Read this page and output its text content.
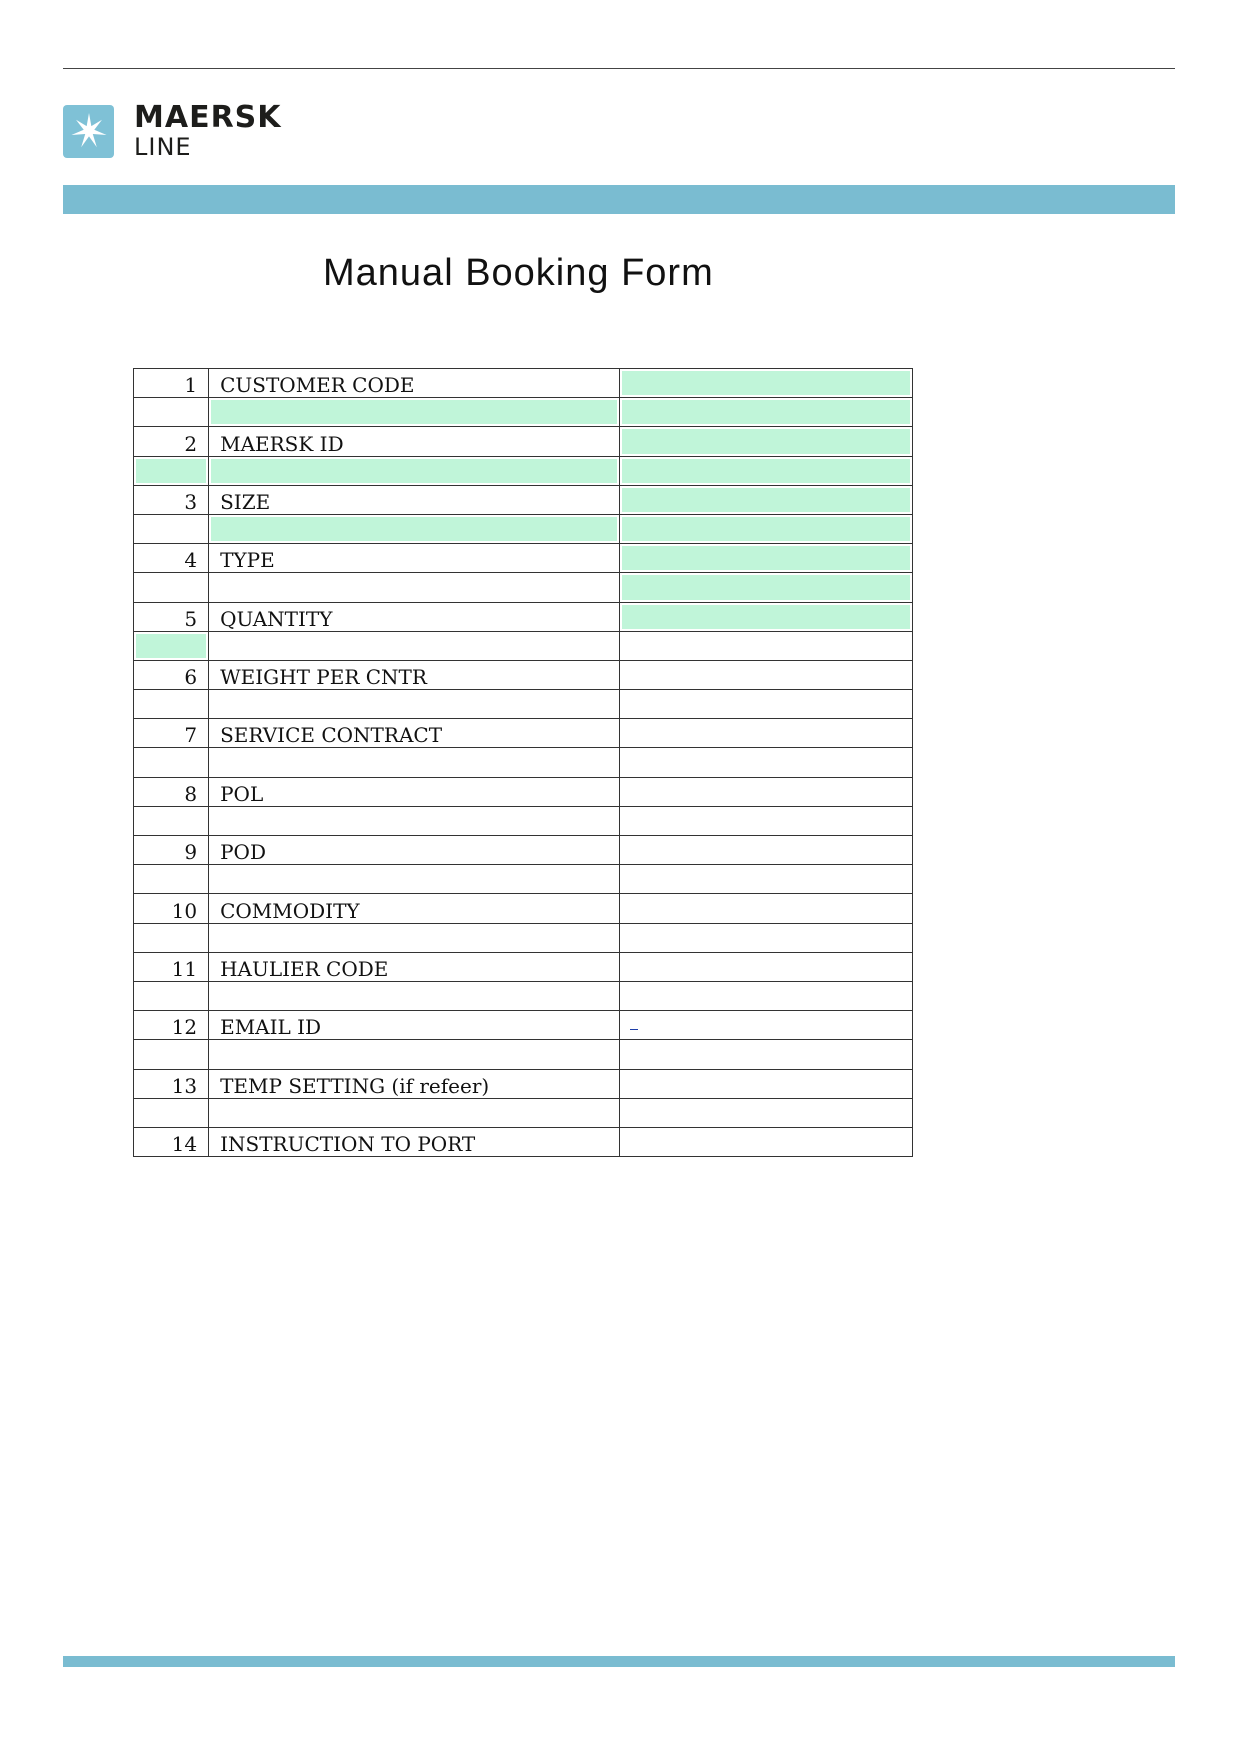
MAERSK
LINE
Manual Booking Form
1	CUSTOMER CODE	

2	MAERSK ID	

3	SIZE	

4	TYPE	

5	QUANTITY	

6	WEIGHT PER CNTR	

7	SERVICE CONTRACT	

8	POL	

9	POD	

10	COMMODITY	

11	HAULIER CODE	

12	EMAIL ID	

13	TEMP SETTING (if refeer)	

14	INSTRUCTION TO PORT	
